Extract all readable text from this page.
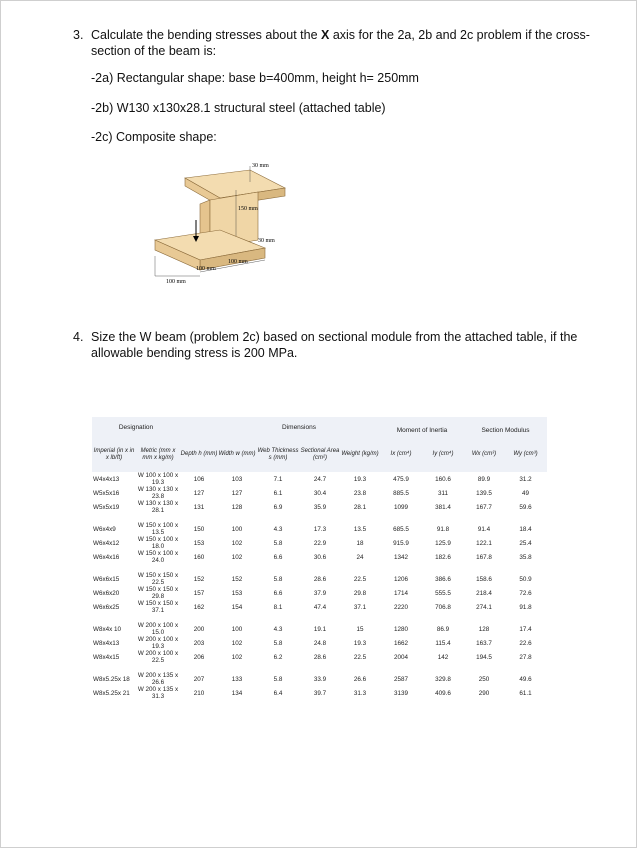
3. Calculate the bending stresses about the X axis for the 2a, 2b and 2c problem if the cross-section of the beam is:
-2a) Rectangular shape: base b=400mm, height h= 250mm
-2b) W130 x130x28.1 structural steel (attached table)
-2c) Composite shape:
30 mm
150 mm
30 mm
100 mm
100 mm
100 mm
4. Size the W beam (problem 2c) based on sectional module from the attached table, if the allowable bending stress is 200 MPa.
Designation			Dimensions				Moment of Inertia		Section Modulus	
Imperial (in x in x lb/ft)	Metric (mm x mm x kg/m)	Depth h (mm)	Width w (mm)	Web Thickness s (mm)	Sectional Area (cm²)	Weight (kg/m)	Ix (cm⁴)	Iy (cm⁴)	Wx (cm³)	Wy (cm³)
W4x4x13	W 100 x 100 x 19.3	106	103	7.1	24.7	19.3	475.9	160.6	89.9	31.2
W5x5x16	W 130 x 130 x 23.8	127	127	6.1	30.4	23.8	885.5	311	139.5	49
W5x5x19	W 130 x 130 x 28.1	131	128	6.9	35.9	28.1	1099	381.4	167.7	59.6

W6x4x9	W 150 x 100 x 13.5	150	100	4.3	17.3	13.5	685.5	91.8	91.4	18.4
W6x4x12	W 150 x 100 x 18.0	153	102	5.8	22.9	18	915.9	125.9	122.1	25.4
W6x4x16	W 150 x 100 x 24.0	160	102	6.6	30.6	24	1342	182.6	167.8	35.8

W6x6x15	W 150 x 150 x 22.5	152	152	5.8	28.6	22.5	1206	386.6	158.6	50.9
W6x6x20	W 150 x 150 x 29.8	157	153	6.6	37.9	29.8	1714	555.5	218.4	72.6
W6x6x25	W 150 x 150 x 37.1	162	154	8.1	47.4	37.1	2220	706.8	274.1	91.8

W8x4x 10	W 200 x 100 x 15.0	200	100	4.3	19.1	15	1280	86.9	128	17.4
W8x4x13	W 200 x 100 x 19.3	203	102	5.8	24.8	19.3	1662	115.4	163.7	22.6
W8x4x15	W 200 x 100 x 22.5	206	102	6.2	28.6	22.5	2004	142	194.5	27.8

W8x5.25x 18	W 200 x 135 x 26.6	207	133	5.8	33.9	26.6	2587	329.8	250	49.6
W8x5.25x 21	W 200 x 135 x 31.3	210	134	6.4	39.7	31.3	3139	409.6	290	61.1
